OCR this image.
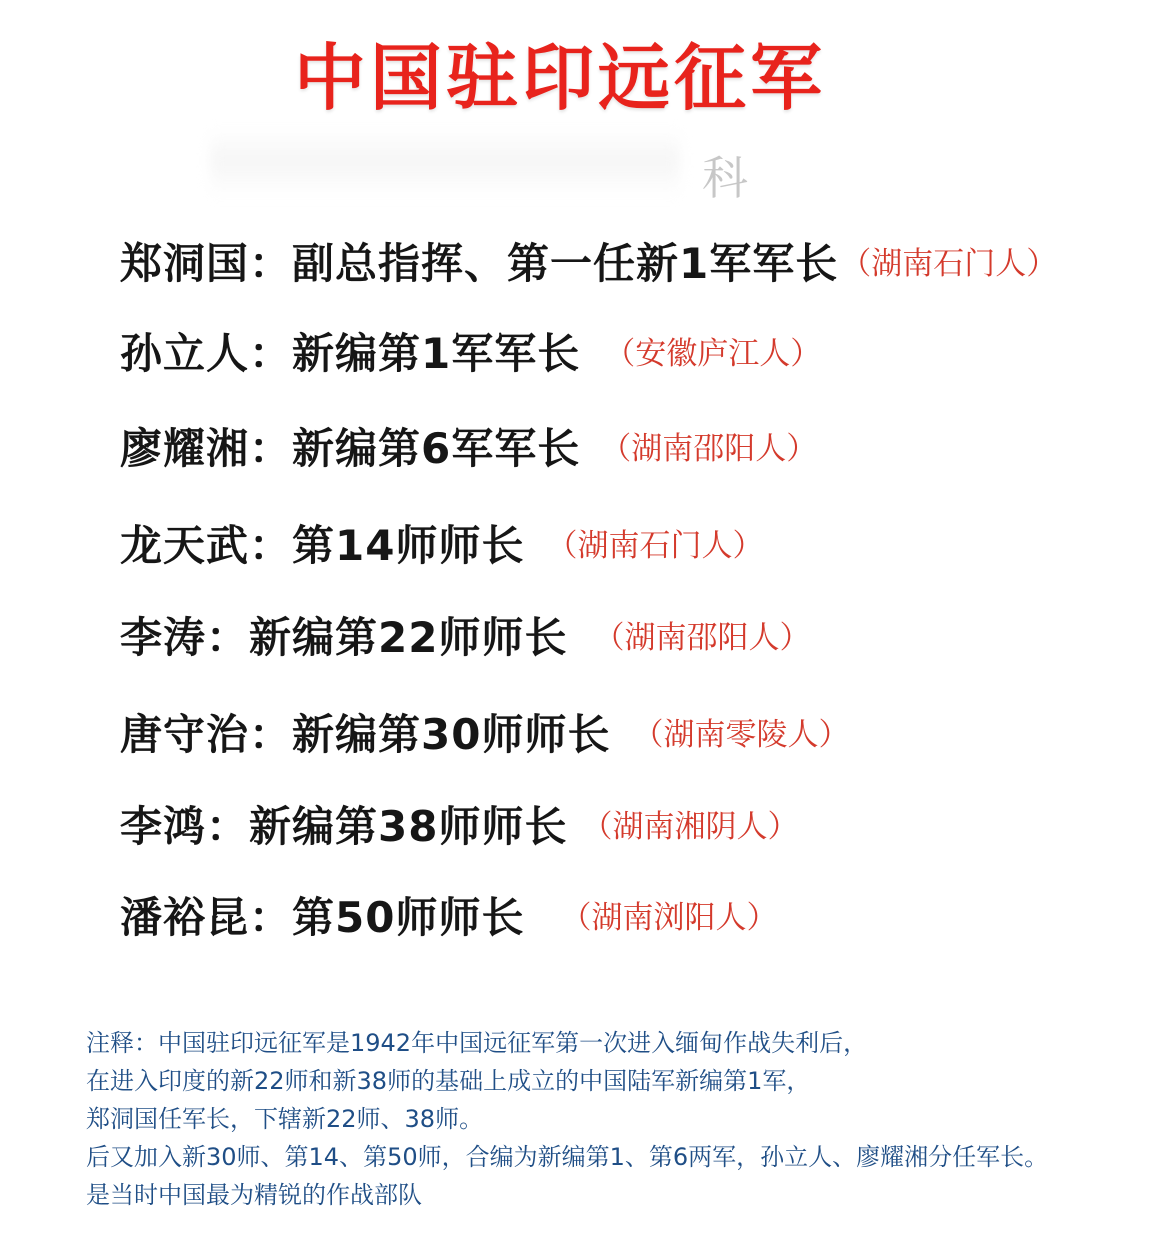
中国驻印远征军
科
郑洞国：副总指挥、第一任新1军军长 （湖南石门人）
孙立人：新编第1军军长 （安徽庐江人）
廖耀湘：新编第6军军长 （湖南邵阳人）
龙天武：第14师师长 （湖南石门人）
李涛：新编第22师师长 （湖南邵阳人）
唐守治：新编第30师师长 （湖南零陵人）
李鸿：新编第38师师长 （湖南湘阴人）
潘裕昆：第50师师长 （湖南浏阳人）

注释：中国驻印远征军是1942年中国远征军第一次进入缅甸作战失利后，

在进入印度的新22师和新38师的基础上成立的中国陆军新编第1军，

郑洞国任军长，下辖新22师、38师。

后又加入新30师、第14、第50师，合编为新编第1、第6两军，孙立人、廖耀湘分任军长。

是当时中国最为精锐的作战部队
